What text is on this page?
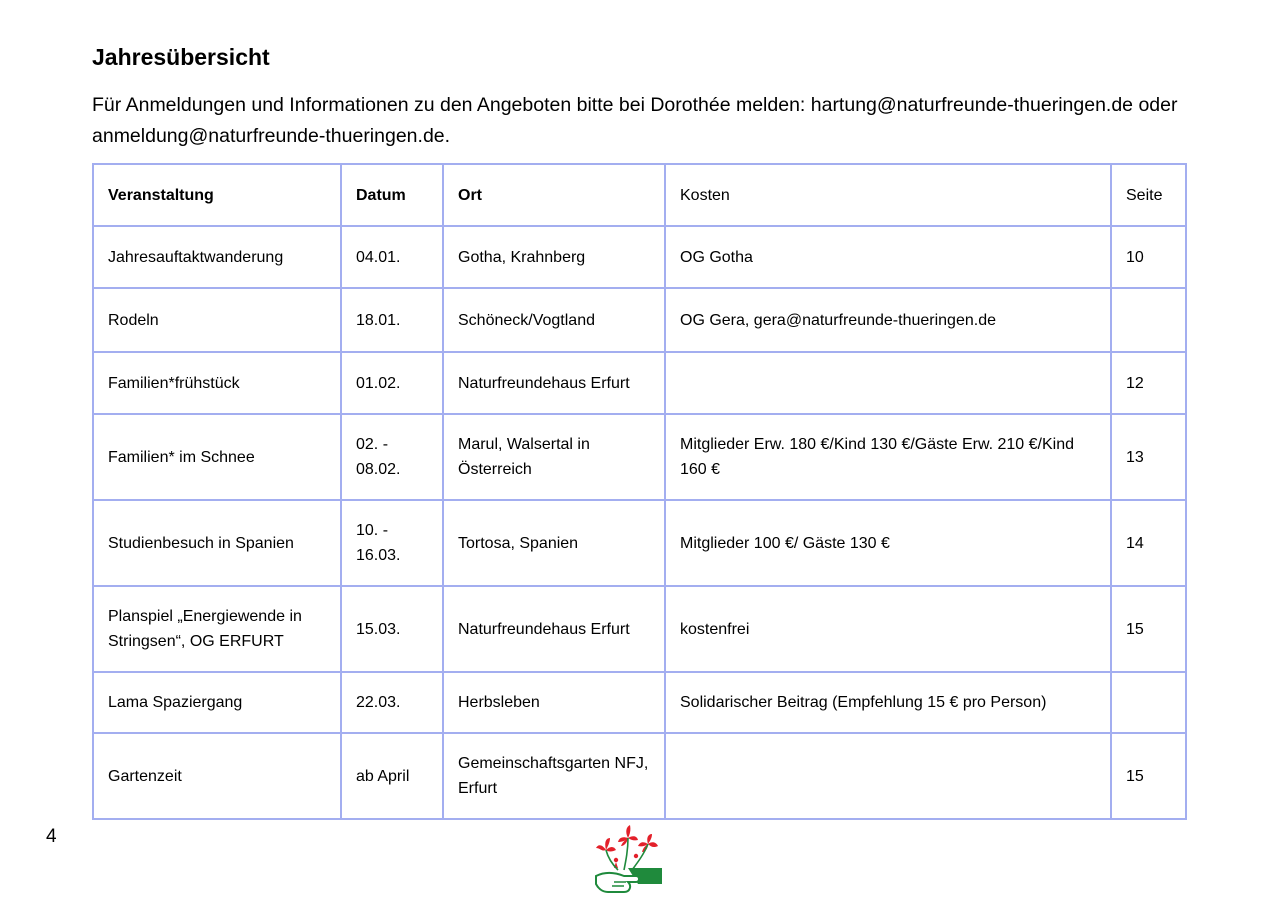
Jahresübersicht

Für Anmeldungen und Informationen zu den Angeboten bitte bei Dorothée melden: hartung@naturfreunde-thueringen.de oder anmeldung@naturfreunde-thueringen.de.

Veranstaltung	Datum	Ort	Kosten	Seite
Jahresauftaktwanderung	04.01.	Gotha, Krahnberg	OG Gotha	10
Rodeln	18.01.	Schöneck/Vogtland	OG Gera, gera@naturfreunde-thueringen.de	
Familien*frühstück	01.02.	Naturfreundehaus Erfurt		12
Familien* im Schnee	02. - 08.02.	Marul, Walsertal in Österreich	Mitglieder Erw. 180 €/Kind 130 €/Gäste Erw. 210 €/Kind 160 €	13
Studienbesuch in Spanien	10. - 16.03.	Tortosa, Spanien	Mitglieder 100 €/ Gäste 130 €	14
Planspiel „Energiewende in Stringsen“, OG ERFURT	15.03.	Naturfreundehaus Erfurt	kostenfrei	15
Lama Spaziergang	22.03.	Herbsleben	Solidarischer Beitrag (Empfehlung 15 € pro Person)	
Gartenzeit	ab April	Gemeinschaftsgarten NFJ, Erfurt		15
4
